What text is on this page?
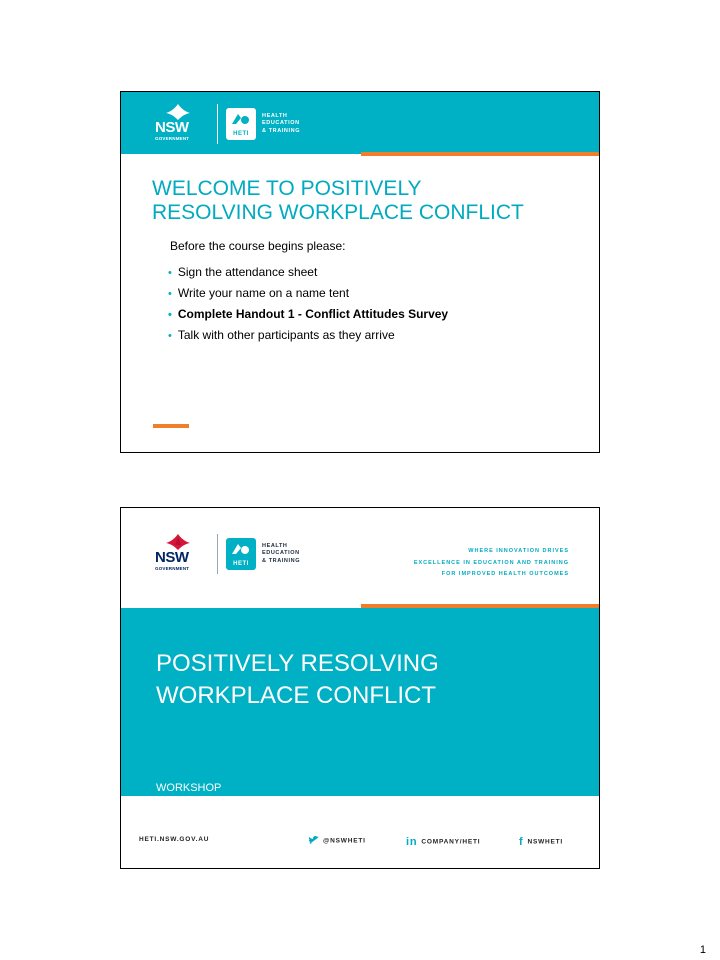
NSW
GOVERNMENT
HETI
HEALTH
EDUCATION
& TRAINING
WELCOME TO POSITIVELY
RESOLVING WORKPLACE CONFLICT
Before the course begins please:
• Sign the attendance sheet
• Write your name on a name tent
• Complete Handout 1 - Conflict Attitudes Survey
• Talk with other participants as they arrive
NSW
GOVERNMENT
HETI
HEALTH
EDUCATION
& TRAINING
WHERE INNOVATION DRIVES
EXCELLENCE IN EDUCATION AND TRAINING
FOR IMPROVED HEALTH OUTCOMES
POSITIVELY RESOLVING
WORKPLACE CONFLICT
WORKSHOP
HETI.NSW.GOV.AU	@NSWHETI	in COMPANY/HETI	fNSWHETI
1
